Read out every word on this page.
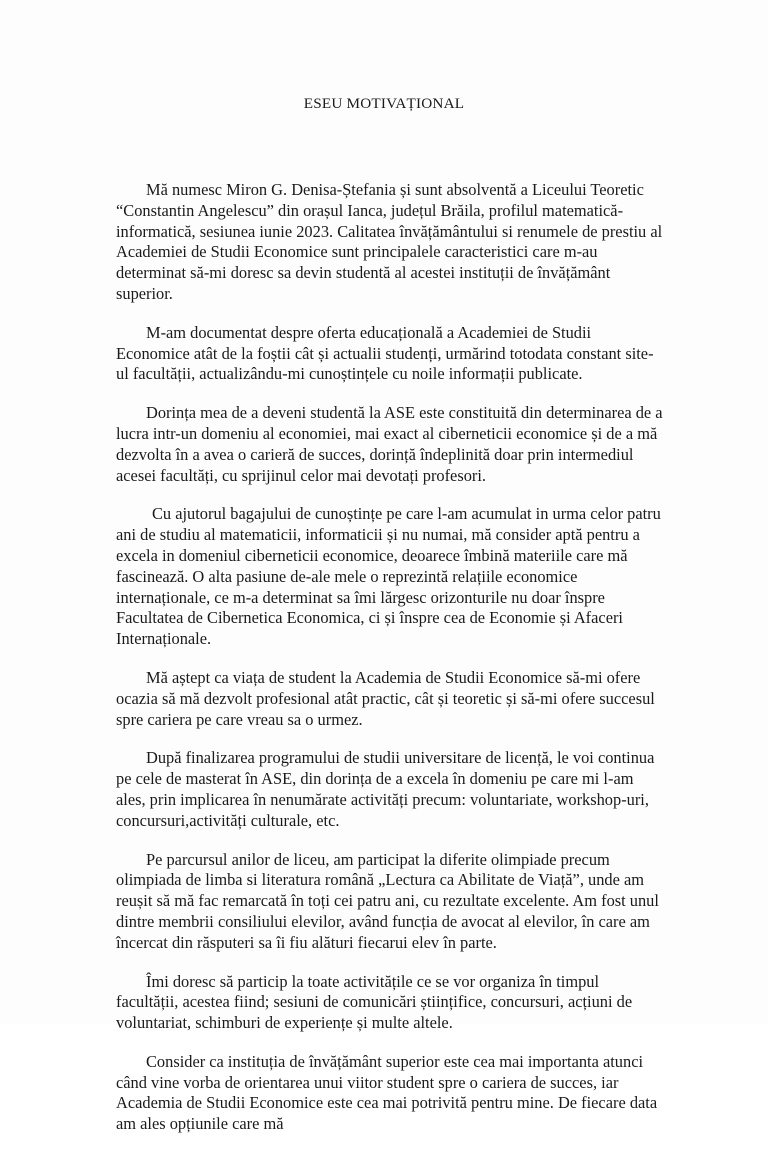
ESEU MOTIVAȚIONAL

Mă numesc Miron G. Denisa-Ștefania și sunt absolventă a Liceului Teoretic “Constantin Angelescu” din orașul Ianca, județul Brăila, profilul matematică-informatică, sesiunea iunie 2023. Calitatea învățământului si renumele de prestiu al Academiei de Studii Economice sunt principalele caracteristici care m-au determinat să-mi doresc sa devin studentă al acestei instituții de învățământ superior.

M-am documentat despre oferta educațională a Academiei de Studii Economice atât de la foștii cât și actualii studenți, urmărind totodata constant site-ul facultății, actualizându-mi cunoștințele cu noile informații publicate.

Dorința mea de a deveni studentă la ASE este constituită din determinarea de a lucra intr-un domeniu al economiei, mai exact al ciberneticii economice și de a mă dezvolta în a avea o carieră de succes, dorință îndeplinită doar prin intermediul acesei facultăți, cu sprijinul celor mai devotați profesori.

Cu ajutorul bagajului de cunoștințe pe care l-am acumulat in urma celor patru ani de studiu al matematicii, informaticii și nu numai, mă consider aptă pentru a excela in domeniul ciberneticii economice, deoarece îmbină materiile care mă fascinează. O alta pasiune de-ale mele o reprezintă relațiile economice internaționale, ce m-a determinat sa îmi lărgesc orizonturile nu doar înspre Facultatea de Cibernetica Economica, ci și înspre cea de Economie și Afaceri Internaționale.

Mă aștept ca viața de student la Academia de Studii Economice să-mi ofere ocazia să mă dezvolt profesional atât practic, cât și teoretic și să-mi ofere succesul spre cariera pe care vreau sa o urmez.

După finalizarea programului de studii universitare de licență, le voi continua pe cele de masterat în ASE, din dorința de a excela în domeniu pe care mi l-am ales, prin implicarea în nenumărate activități precum: voluntariate, workshop-uri, concursuri,activități culturale, etc.

Pe parcursul anilor de liceu, am participat la diferite olimpiade precum olimpiada de limba si literatura română „Lectura ca Abilitate de Viață”, unde am reușit să mă fac remarcată în toți cei patru ani, cu rezultate excelente. Am fost unul dintre membrii consiliului elevilor, având funcția de avocat al elevilor, în care am încercat din răsputeri sa îi fiu alături fiecarui elev în parte.

Îmi doresc să particip la toate activitățile ce se vor organiza în timpul facultății, acestea fiind; sesiuni de comunicări științifice, concursuri, acțiuni de voluntariat, schimburi de experiențe și multe altele.

Consider ca instituția de învățământ superior este cea mai importanta atunci când vine vorba de orientarea unui viitor student spre o cariera de succes, iar Academia de Studii Economice este cea mai potrivită pentru mine. De fiecare data am ales opțiunile care mă
